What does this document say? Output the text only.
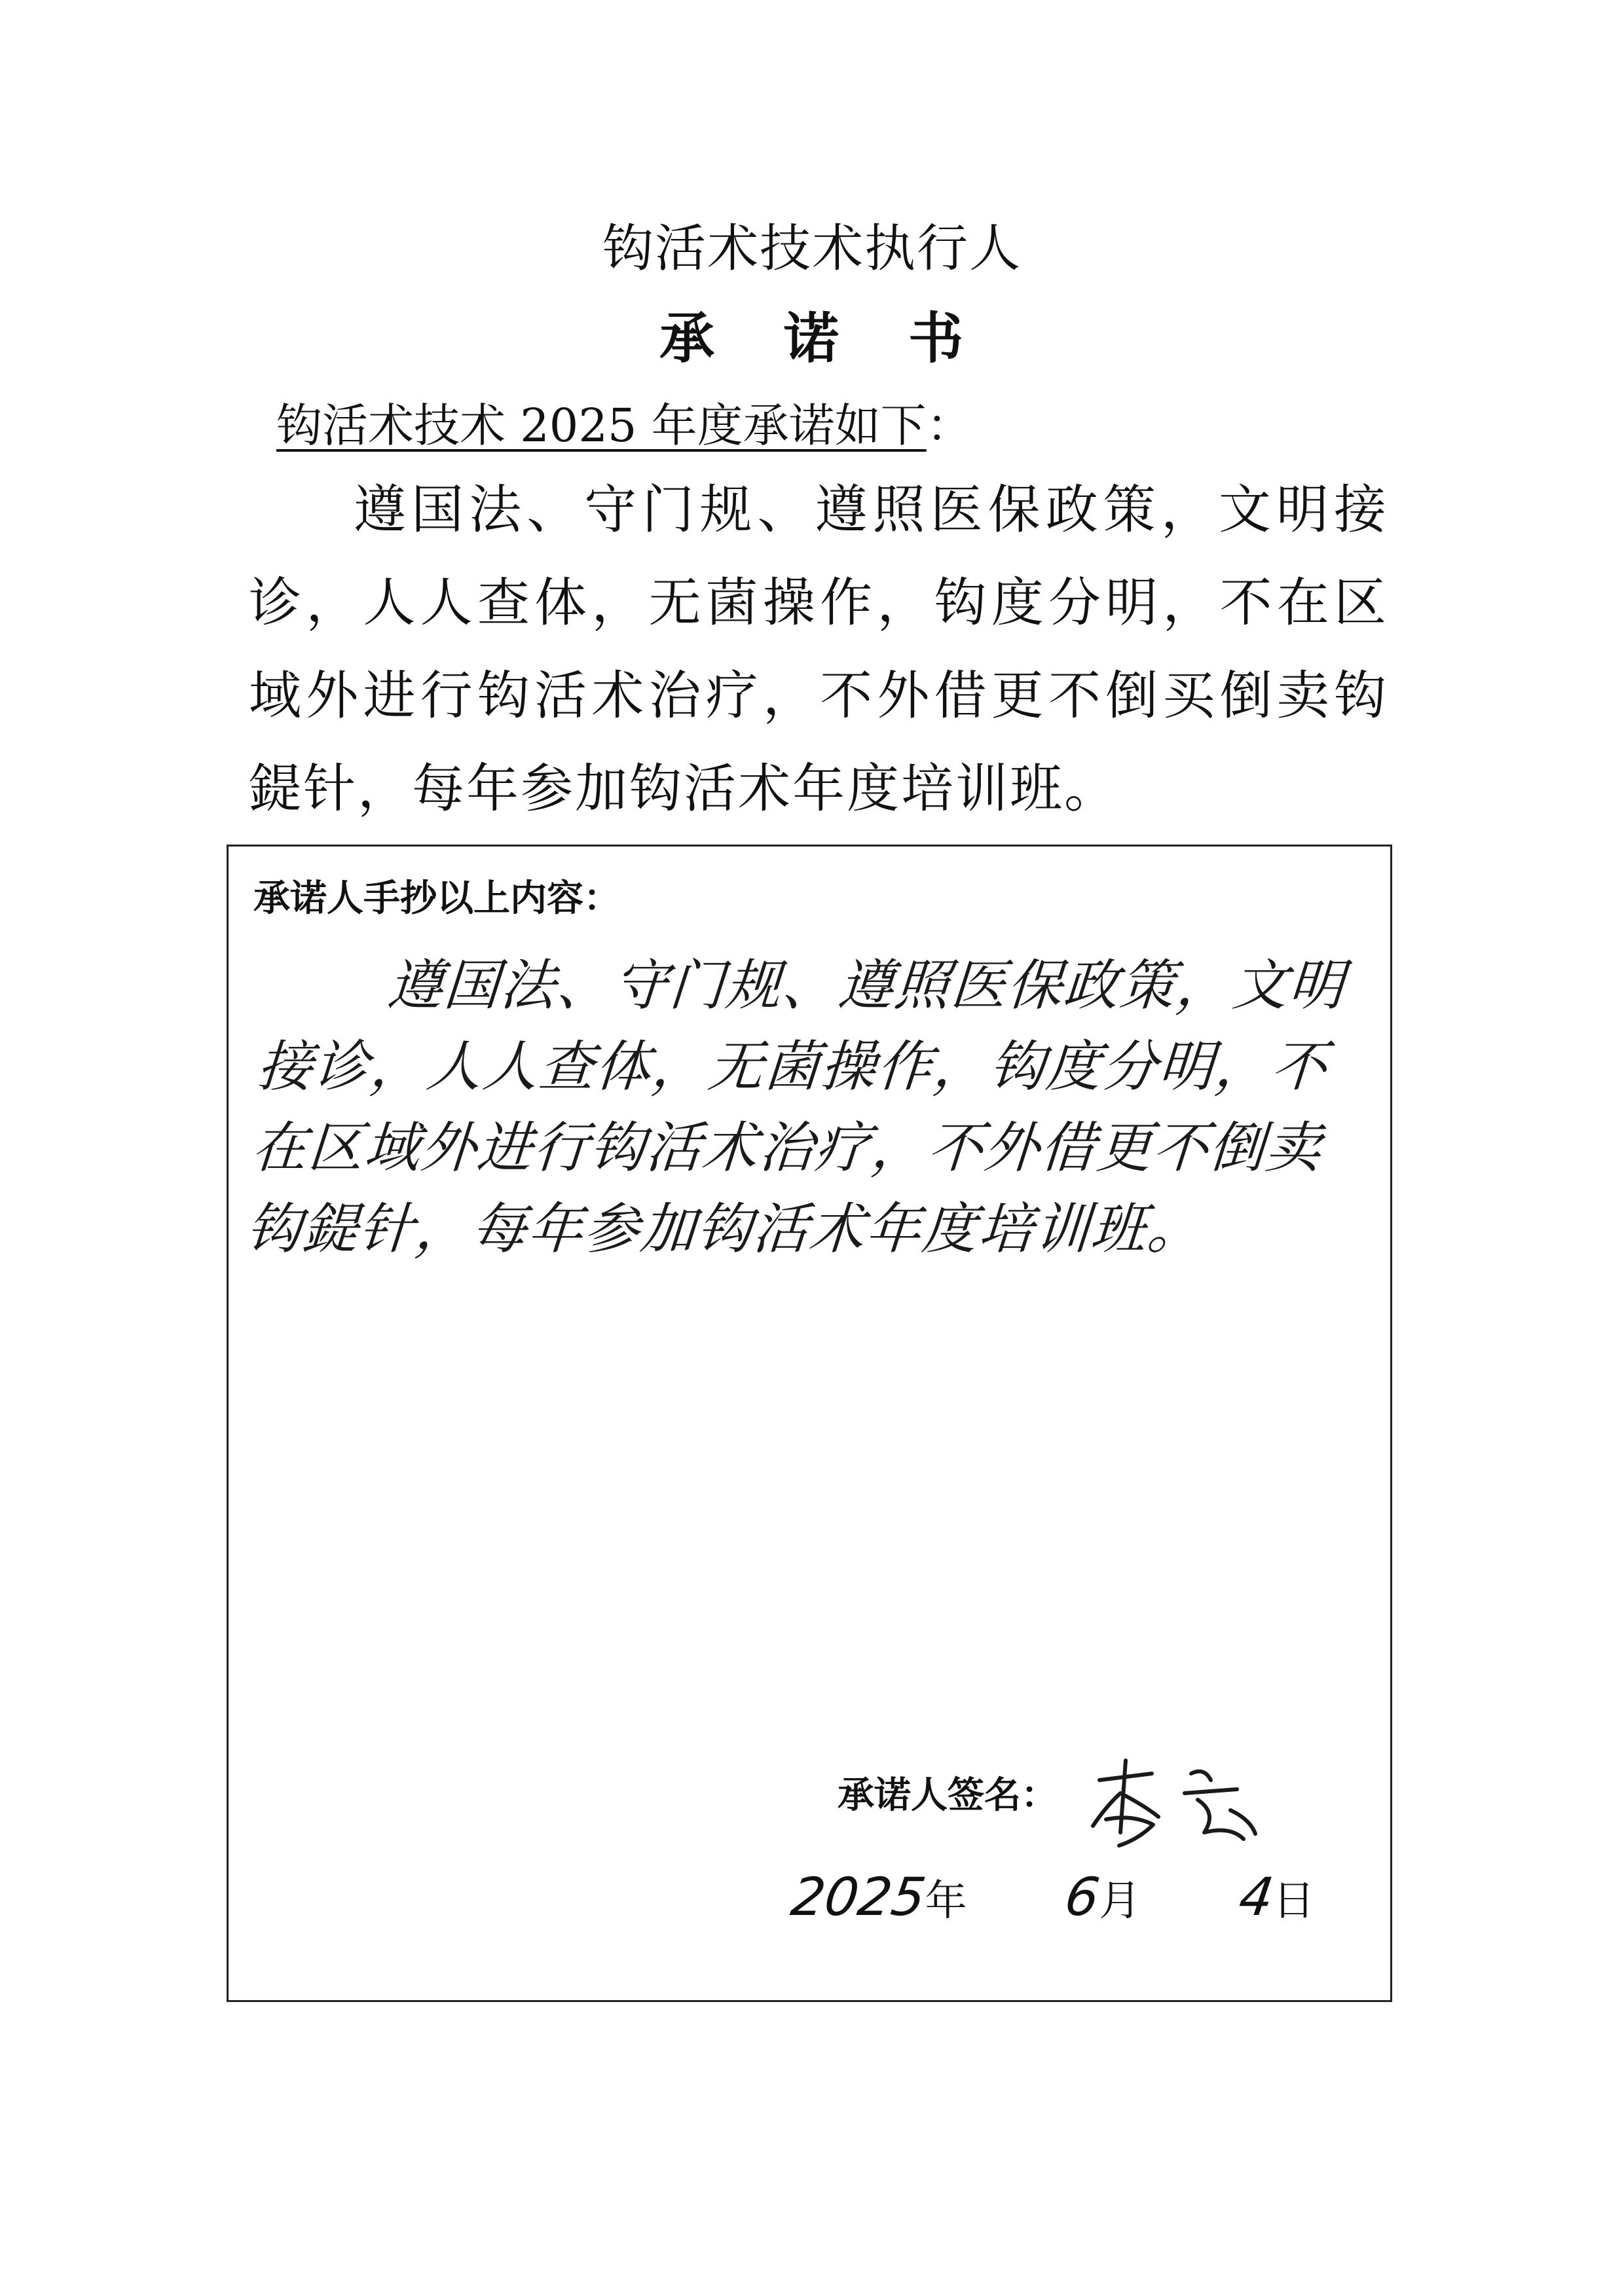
钩活术技术执行人
承 诺 书
钩活术技术 2025 年度承诺如下：
遵国法、守门规、遵照医保政策，文明接诊，人人查体，无菌操作，钩度分明，不在区域外进行钩活术治疗，不外借更不倒买倒卖钩鍉针，每年参加钩活术年度培训班。
承诺人手抄以上内容：
遵国法、守门规、遵照医保政策，文明接诊，人人查体，无菌操作，钩度分明，不在区域外进行钩活术治疗，不外借更不倒卖钩鍉针，每年参加钩活术年度培训班。
承诺人签名：
2025年 6月 4日
